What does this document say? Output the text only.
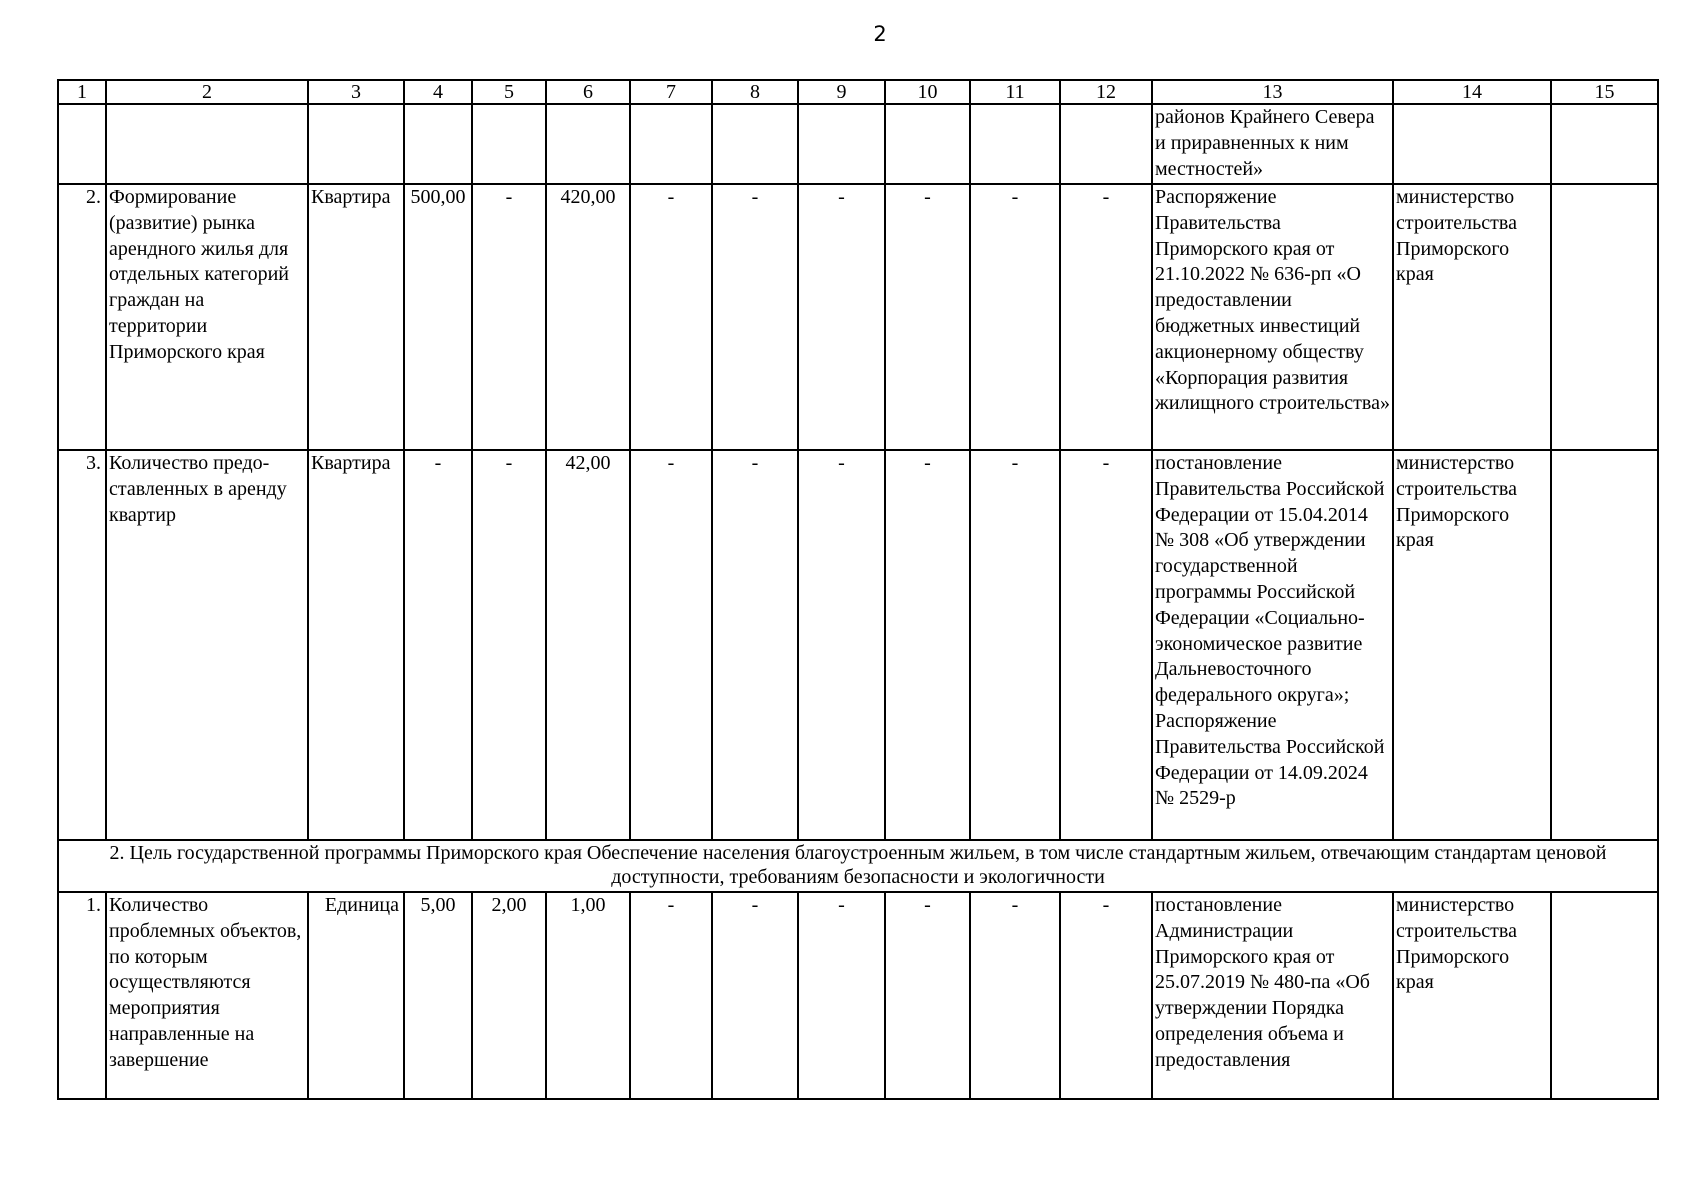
2
1	2	3	4	5	6	7	8	9	10	11	12	13	14	15
												районов Крайнего Севера и приравненных к ним местностей»		
2.	Формирование (развитие) рынка арендного жилья для отдельных категорий граждан на территории Приморского края	Квартира	500,00	-	420,00	-	-	-	-	-	-	Распоряжение Правительства Приморского края от 21.10.2022 № 636-рп «О предоставлении бюджетных инвестиций акционерному обществу «Корпорация развития жилищного строительства»	министерство строительства Приморского края	
3.	Количество предо-ставленных в аренду квартир	Квартира	-	-	42,00	-	-	-	-	-	-	постановление Правительства Российской Федерации от 15.04.2014 № 308 «Об утверждении государственной программы Российской Федерации «Социально-экономическое развитие Дальневосточного федерального округа»; Распоряжение Правительства Российской Федерации от 14.09.2024 № 2529-р	министерство строительства Приморского края	
2. Цель государственной программы Приморского края Обеспечение населения благоустроенным жильем, в том числе стандартным жильем, отвечающим стандартам ценовой доступности, требованиям безопасности и экологичности														
1.	Количество проблемных объектов, по которым осуществляются мероприятия направленные на завершение	Единица	5,00	2,00	1,00	-	-	-	-	-	-	постановление Администрации Приморского края от 25.07.2019 № 480-па «Об утверждении Порядка определения объема и предоставления	министерство строительства Приморского края	
